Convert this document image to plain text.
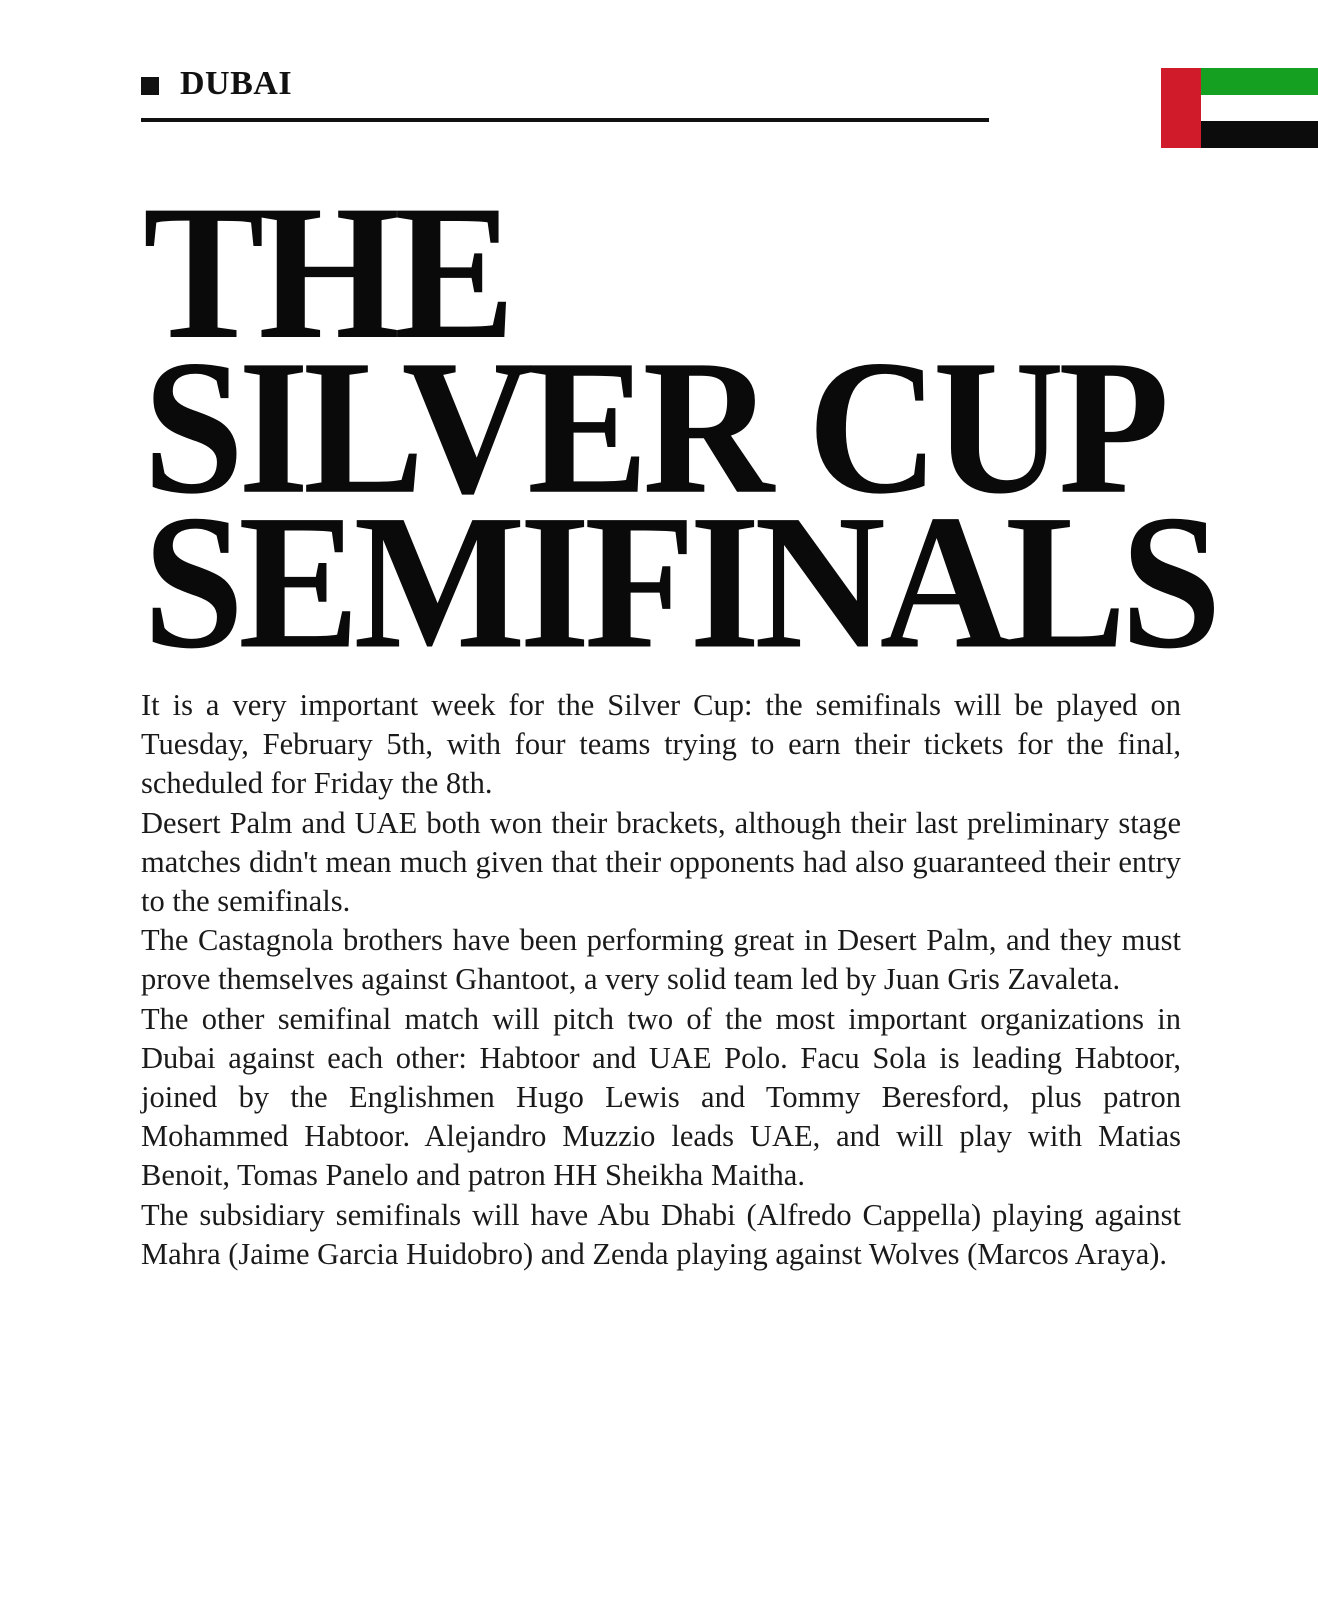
DUBAI
THE
SILVER CUP
SEMIFINALS

It is a very important week for the Silver Cup: the semifinals will be played on Tuesday, February 5th, with four teams trying to earn their tickets for the final, scheduled for Friday the 8th.

Desert Palm and UAE both won their brackets, although their last preliminary stage matches didn't mean much given that their opponents had also guaranteed their entry to the semifinals.

The Castagnola brothers have been performing great in Desert Palm, and they must prove themselves against Ghantoot, a very solid team led by Juan Gris Zavaleta.

The other semifinal match will pitch two of the most important organizations in Dubai against each other: Habtoor and UAE Polo. Facu Sola is leading Habtoor, joined by the Englishmen Hugo Lewis and Tommy Beresford, plus patron Mohammed Habtoor. Alejandro Muzzio leads UAE, and will play with Matias Benoit, Tomas Panelo and patron HH Sheikha Maitha.

The subsidiary semifinals will have Abu Dhabi (Alfredo Cappella) playing against Mahra (Jaime Garcia Huidobro) and Zenda playing against Wolves (Marcos Araya).
